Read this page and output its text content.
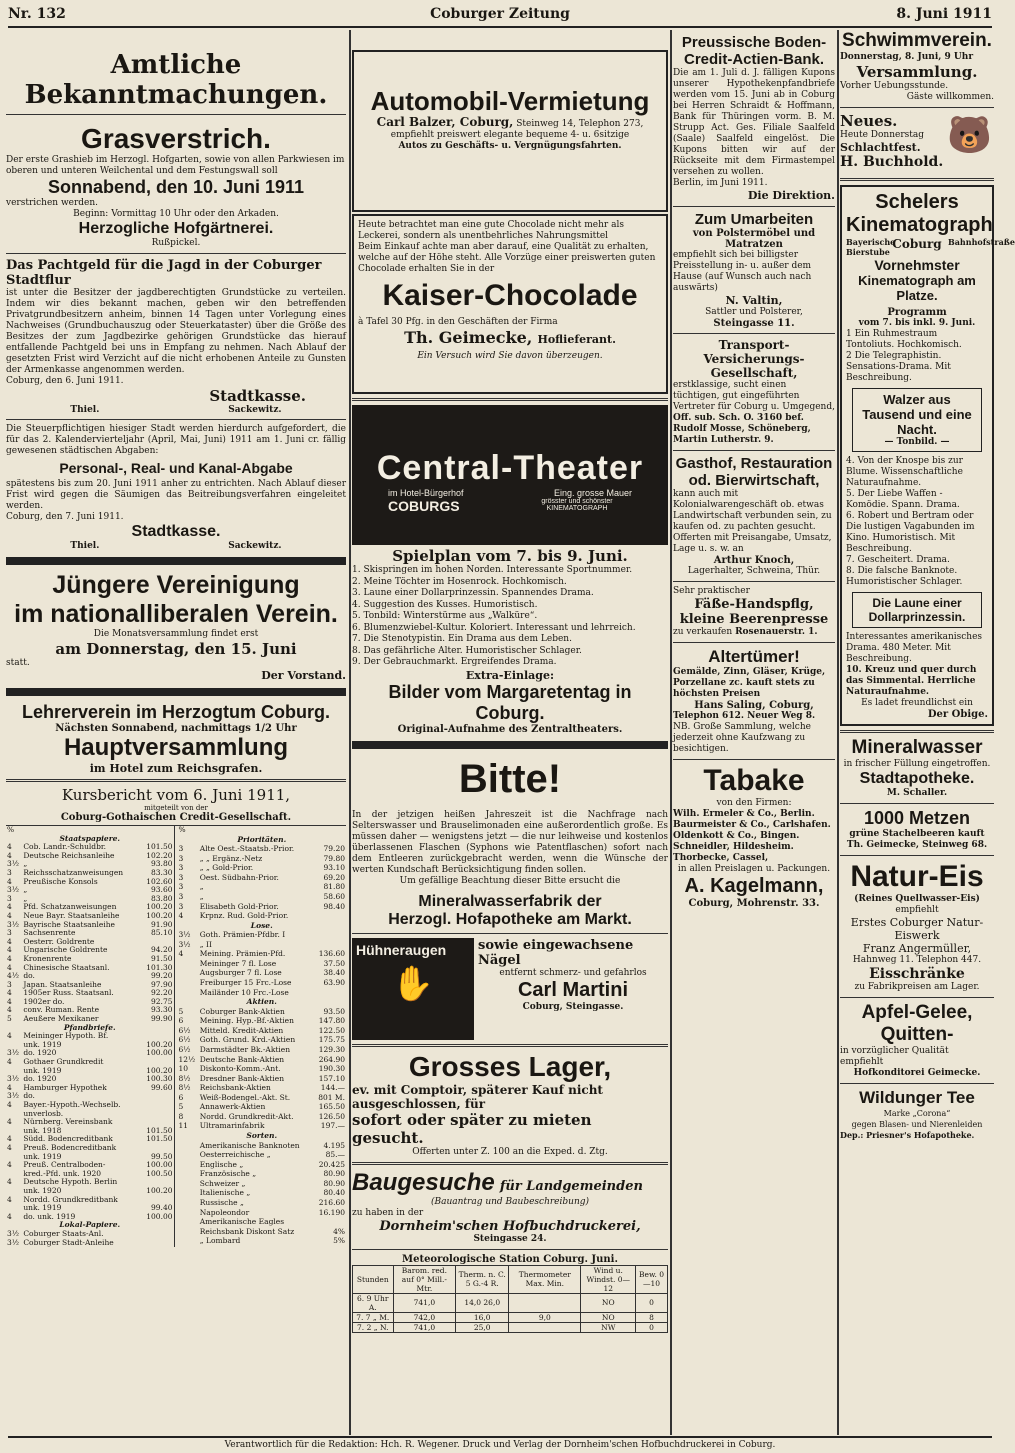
Nr. 132	Coburger Zeitung	8. Juni 1911

Amtliche Bekanntmachungen.

Grasverstrich.

Der erste Grashieb im Herzogl. Hofgarten, sowie von allen Parkwiesen im oberen und unteren Weilchental und dem Festungswall soll

Sonnabend, den 10. Juni 1911

verstrichen werden.

Beginn: Vormittag 10 Uhr oder den Arkaden.

Herzogliche Hofgärtnerei.

Rußpickel.

Das Pachtgeld für die Jagd in der Coburger Stadtflur

ist unter die Besitzer der jagdberechtigten Grundstücke zu verteilen. Indem wir dies bekannt machen, geben wir den betreffenden Privatgrundbesitzern anheim, binnen 14 Tagen unter Vorlegung eines Nachweises (Grundbuchauszug oder Steuerkataster) über die Größe des Besitzes der zum Jagdbezirke gehörigen Grundstücke das hierauf entfallende Pachtgeld bei uns in Empfang zu nehmen. Nach Ablauf der gesetzten Frist wird Verzicht auf die nicht erhobenen Anteile zu Gunsten der Armenkasse angenommen werden.

Coburg, den 6. Juni 1911.

Stadtkasse.

Thiel.	Sackewitz.

Die Steuerpflichtigen hiesiger Stadt werden hierdurch aufgefordert, die für das 2. Kalendervierteljahr (April, Mai, Juni) 1911 am 1. Juni cr. fällig gewesenen städtischen Abgaben:

Personal-, Real- und Kanal-Abgabe

spätestens bis zum 20. Juni 1911 anher zu entrichten. Nach Ablauf dieser Frist wird gegen die Säumigen das Beitreibungsverfahren eingeleitet werden.

Coburg, den 7. Juni 1911.

Stadtkasse.

Thiel.	Sackewitz.

Jüngere Vereinigung

im nationalliberalen Verein.

Die Monatsversammlung findet erst

am Donnerstag, den 15. Juni

statt.

Der Vorstand.

Lehrerverein im Herzogtum Coburg.

Nächsten Sonnabend, nachmittags 1/2 Uhr

Hauptversammlung

im Hotel zum Reichsgrafen.

Kursbericht vom 6. Juni 1911,

mitgeteilt von der

Coburg-Gothaischen Credit-Gesellschaft.

%		
Staatspapiere.		
4	Cob. Landr.-Schuldbr.	101.50
4	Deutsche Reichsanleihe	102.20
3½	„	93.80
3	Reichsschatzanweisungen	83.30
4	Preußische Konsols	102.60
3½	„	93.60
3	„	83.80
4	Pfd. Schatzanweisungen	100.20
4	Neue Bayr. Staatsanleihe	100.20
3½	Bayrische Staatsanleihe	91.90
3	Sachsenrente	85.10
4	Oesterr. Goldrente	
4	Ungarische Goldrente	94.20
4	Kronenrente	91.50
4	Chinesische Staatsanl.	101.30
4½	do.	99.20
3	Japan. Staatsanleihe	97.90
4	1905er Russ. Staatsanl.	92.20
4	1902er do.	92.75
4	conv. Ruman. Rente	93.30
5	Aeußere Mexikaner	99.90
Pfandbriefe.		
4	Meininger Hypoth. Bf.	
	unk. 1919	100.20
3½	do. 1920	100.00
4	Gothaer Grundkredit	
	unk. 1919	100.20
3½	do. 1920	100.30
4	Hamburger Hypothek	99.60
3½	do.	
4	Bayer.-Hypoth.-Wechselb.	
	unverlosb.	
4	Nürnberg. Vereinsbank	
	unk. 1918	101.50
4	Südd. Bodencreditbank	101.50
4	Preuß. Bodencreditbank	
	unk. 1919	99.50
4	Preuß. Centralboden-	100.00
	kred.-Pfd. unk. 1920	100.50
4	Deutsche Hypoth. Berlin	
	unk. 1920	100.20
4	Nordd. Grundkreditbank	
	unk. 1919	99.40
4	do. unk. 1919	100.00
Lokal-Papiere.		
3½	Coburger Staats-Anl.	
3½	Coburger Stadt-Anleihe	
%		
Prioritäten.		
3	Alte Oest.-Staatsb.-Prior.	79.20
3	„ „ Ergänz.-Netz	79.80
3	„ „ Gold-Prior.	93.10
3	Oest. Südbahn-Prior.	69.20
3	„	81.80
3	„	58.60
3	Elisabeth Gold-Prior.	98.40
4	Krpnz. Rud. Gold-Prior.	
Lose.		
3½	Goth. Prämien-Pfdbr. I	
3½	„ II	
4	Meining. Prämien-Pfd.	136.60
	Meininger 7 fl. Lose	37.50
	Augsburger 7 fl. Lose	38.40
	Freiburger 15 Frc.-Lose	63.90
	Mailänder 10 Frc.-Lose	
Aktien.		
5	Coburger Bank-Aktien	93.50
6	Meining. Hyp.-Bf.-Aktien	147.80
6½	Mitteld. Kredit-Aktien	122.50
6½	Goth. Grund. Krd.-Aktien	175.75
6½	Darmstädter Bk.-Aktien	129.30
12½	Deutsche Bank-Aktien	264.90
10	Diskonto-Komm.-Ant.	190.30
8½	Dresdner Bank-Aktien	157.10
8½	Reichsbank-Aktien	144.—
6	Weiß-Bodengel.-Akt. St.	801 M.
5	Annawerk-Aktien	165.50
8	Nordd. Grundkredit-Akt.	126.50
11	Ultramarinfabrik	197.—
Sorten.		
	Amerikanische Banknoten	4.195
	Oesterreichische „	85.—
	Englische „	20.425
	Französische „	80.90
	Schweizer „	80.90
	Italienische „	80.40
	Russische „	216.60
	Napoleondor	16.190
	Amerikanische Eagles	

	Reichsbank Diskont Satz	4%
	„ Lombard	5%

Automobil-Vermietung

Carl Balzer, Coburg, Steinweg 14, Telephon 273,

empfiehlt preiswert elegante bequeme 4- u. 6sitzige

Autos zu Geschäfts- u. Vergnügungsfahrten.

Heute betrachtet man eine gute Chocolade nicht mehr als Leckerei, sondern als unentbehrliches Nahrungsmittel

Beim Einkauf achte man aber darauf, eine Qualität zu erhalten, welche auf der Höhe steht. Alle Vorzüge einer preiswerten guten Chocolade erhalten Sie in der

Kaiser-Chocolade

à Tafel 30 Pfg. in den Geschäften der Firma

Th. Geimecke, Hoflieferant.

Ein Versuch wird Sie davon überzeugen.

Central-Theater

im Hotel-Bürgerhof	Eing. grosse Mauer
COBURGS	grösster und schönster KINEMATOGRAPH

Spielplan vom 7. bis 9. Juni.

1. Skispringen im hohen Norden. Interessante Sportnummer.

2. Meine Töchter im Hosenrock. Hochkomisch.

3. Laune einer Dollarprinzessin. Spannendes Drama.

4. Suggestion des Kusses. Humoristisch.

5. Tonbild: Winterstürme aus „Walküre“.

6. Blumenzwiebel-Kultur. Koloriert. Interessant und lehrreich.

7. Die Stenotypistin. Ein Drama aus dem Leben.

8. Das gefährliche Alter. Humoristischer Schlager.

9. Der Gebrauchmarkt. Ergreifendes Drama.

Extra-Einlage:

Bilder vom Margaretentag in Coburg.

Original-Aufnahme des Zentraltheaters.

Bitte!

In der jetzigen heißen Jahreszeit ist die Nachfrage nach Selterswasser und Brauselimonaden eine außerordentlich große. Es müssen daher — wenigstens jetzt — die nur leihweise und kostenlos überlassenen Flaschen (Syphons wie Patentflaschen) sofort nach dem Entleeren zurückgebracht werden, wenn die Wünsche der werten Kundschaft Berücksichtigung finden sollen.

Um gefällige Beachtung dieser Bitte ersucht die

Mineralwasserfabrik der

Herzogl. Hofapotheke am Markt.

Hühneraugen

✋

sowie eingewachsene Nägel

entfernt schmerz- und gefahrlos

Carl Martini

Coburg, Steingasse.

Grosses Lager,

ev. mit Comptoir, späterer Kauf nicht ausgeschlossen, für

sofort oder später zu mieten gesucht.

Offerten unter Z. 100 an die Exped. d. Ztg.

Baugesuche für Landgemeinden

(Bauantrag und Baubeschreibung)

zu haben in der

Dornheim'schen Hofbuchdruckerei,

Steingasse 24.

Meteorologische Station Coburg. Juni.

Stunden	Barom. red. auf 0° Mill.-Mtr.	Therm. n. C. 5 G.-4 R.	Thermometer Max. Min.	Wind u. Windst. 0—12	Bew. 0—10
6. 9 Uhr A.	741,0	14,0 26,0		NO	0
7. 7 „ M.	742,0	16,0	9,0	NO	8
7. 2 „ N.	741,0	25,0		NW	0

Preussische Boden-Credit-Actien-Bank.

Die am 1. Juli d. J. fälligen Kupons unserer Hypothekenpfandbriefe werden vom 15. Juni ab in Coburg bei Herren Schraidt & Hoffmann, Bank für Thüringen vorm. B. M. Strupp Act. Ges. Filiale Saalfeld (Saale) Saalfeld eingelöst. Die Kupons bitten wir auf der Rückseite mit dem Firmastempel versehen zu wollen.

Berlin, im Juni 1911.

Die Direktion.

Zum Umarbeiten

von Polstermöbel und Matratzen

empfiehlt sich bei billigster Preisstellung in- u. außer dem Hause (auf Wunsch auch nach auswärts)

N. Valtin,

Sattler und Polsterer,

Steingasse 11.

Transport-Versicherungs-Gesellschaft,

erstklassige, sucht einen tüchtigen, gut eingeführten Vertreter für Coburg u. Umgegend,

Off. sub. Sch. O. 3160 bef. Rudolf Mosse, Schöneberg, Martin Lutherstr. 9.

Gasthof, Restauration od. Bierwirtschaft,

kann auch mit Kolonialwarengeschäft ob. etwas Landwirtschaft verbunden sein, zu kaufen od. zu pachten gesucht. Offerten mit Preisangabe, Umsatz, Lage u. s. w. an

Arthur Knoch,

Lagerhalter, Schweina, Thür.

Sehr praktischer

Fäße-Handspflg, kleine Beerenpresse

zu verkaufen Rosenauerstr. 1.

Altertümer!

Gemälde, Zinn, Gläser, Krüge, Porzellane zc. kauft stets zu höchsten Preisen

Hans Saling, Coburg,

Telephon 612. Neuer Weg 8.

NB. Große Sammlung, welche jederzeit ohne Kaufzwang zu besichtigen.

Tabake

von den Firmen:

Wilh. Ermeler & Co., Berlin. Baurmeister & Co., Carlshafen. Oldenkott & Co., Bingen. Schneidler, Hildesheim. Thorbecke, Cassel,

in allen Preislagen u. Packungen.

A. Kagelmann,

Coburg, Mohrenstr. 33.

Schwimmverein.

Donnerstag, 8. Juni, 9 Uhr

Versammlung.

Vorher Uebungsstunde.

Gäste willkommen.

Neues.

Heute Donnerstag

Schlachtfest.

H. Buchhold.

🐻

Schelers

Kinematograph

Bayerische Bierstube
Coburg Bahnhofstraße

Vornehmster

Kinematograph am Platze.

Programm

vom 7. bis inkl. 9. Juni.

1 Ein Ruhmestraum Tontoliuts. Hochkomisch.

2 Die Telegraphistin. Sensations-Drama. Mit Beschreibung.

Walzer aus Tausend und eine Nacht.

— Tonbild. —

4. Von der Knospe bis zur Blume. Wissenschaftliche Naturaufnahme.

5. Der Liebe Waffen - Komödie. Spann. Drama.

6. Robert und Bertram oder Die lustigen Vagabunden im Kino. Humoristisch. Mit Beschreibung.

7. Gescheitert. Drama.

8. Die falsche Banknote. Humoristischer Schlager.

Die Laune einer Dollarprinzessin.

Interessantes amerikanisches Drama. 480 Meter. Mit Beschreibung.

10. Kreuz und quer durch das Simmental. Herrliche Naturaufnahme.

Es ladet freundlichst ein

Der Obige.

Mineralwasser

in frischer Füllung eingetroffen.

Stadtapotheke.

M. Schaller.

1000 Metzen

grüne Stachelbeeren kauft

Th. Geimecke, Steinweg 68.

Natur-Eis

(Reines Quellwasser-Eis)

empfiehlt

Erstes Coburger Natur-Eiswerk

Franz Angermüller,

Hahnweg 11. Telephon 447.

Eisschränke

zu Fabrikpreisen am Lager.

Apfel-Gelee, Quitten-

in vorzüglicher Qualität empfiehlt

Hofkonditorei Geimecke.

Wildunger Tee

Marke „Corona“

gegen Blasen- und Nierenleiden

Dep.: Priesner's Hofapotheke.

Verantwortlich für die Redaktion: Hch. R. Wegener. Druck und Verlag der Dornheim'schen Hofbuchdruckerei in Coburg.
